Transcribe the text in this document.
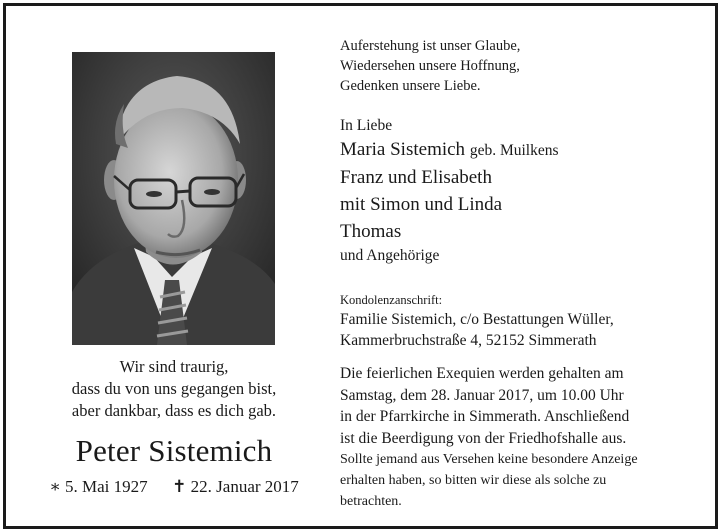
Wir sind traurig,

dass du von uns gegangen bist,

aber dankbar, dass es dich gab.

Peter Sistemich
∗ 5. Mai 1927 ✝ 22. Januar 2017

Auferstehung ist unser Glaube,

Wiedersehen unsere Hoffnung,

Gedenken unsere Liebe.

In Liebe
Maria Sistemich geb. Muilkens
Franz und Elisabeth
mit Simon und Linda
Thomas
und Angehörige
Kondolenzanschrift:
Familie Sistemich, c/o Bestattungen Wüller,
Kammerbruchstraße 4, 52152 Simmerath
Die feierlichen Exequien werden gehalten am
Samstag, dem 28. Januar 2017, um 10.00 Uhr
in der Pfarrkirche in Simmerath. Anschließend
ist die Beerdigung von der Friedhofshalle aus.
Sollte jemand aus Versehen keine besondere Anzeige
erhalten haben, so bitten wir diese als solche zu
betrachten.
